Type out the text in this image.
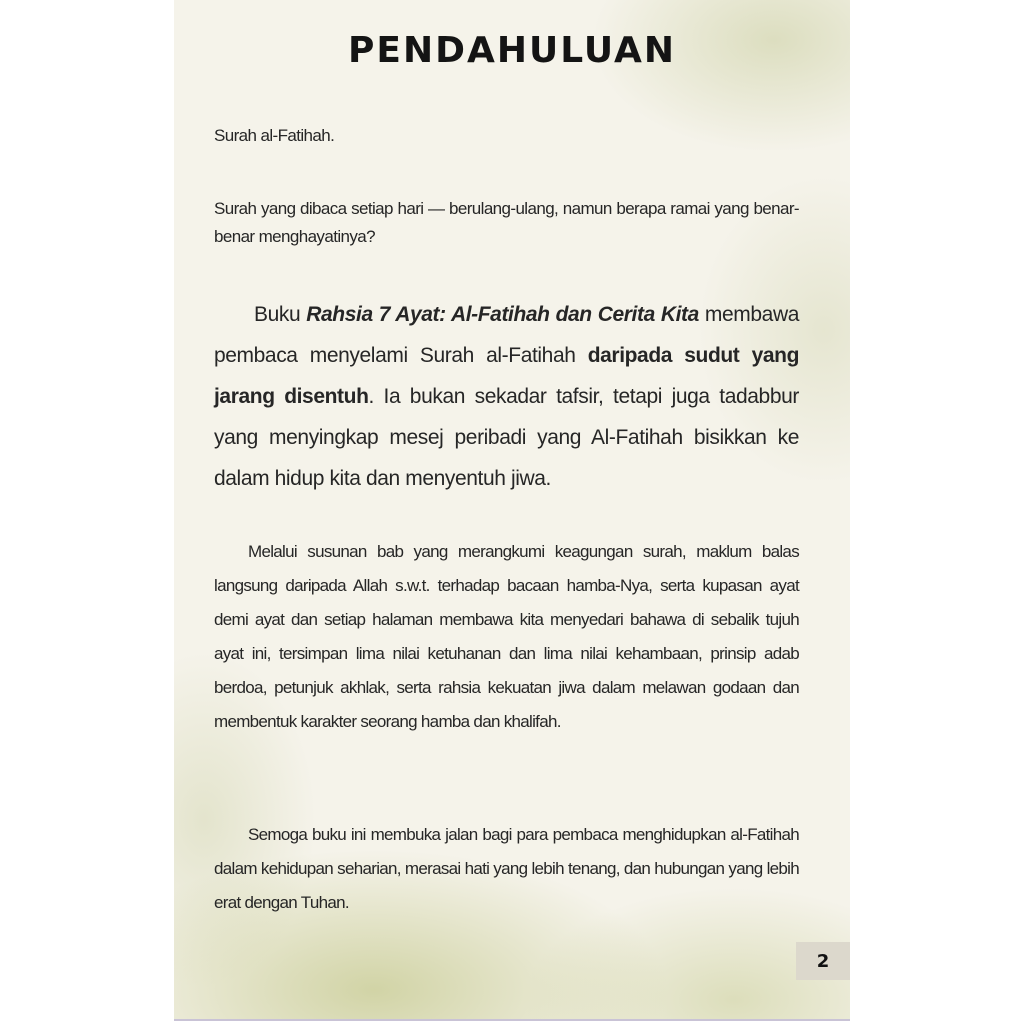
PENDAHULUAN

Surah al-Fatihah.

Surah yang dibaca setiap hari — berulang-ulang, namun berapa ramai yang benar-benar menghayatinya?

Buku Rahsia 7 Ayat: Al-Fatihah dan Cerita Kita membawa pembaca menyelami Surah al-Fatihah daripada sudut yang jarang disentuh. Ia bukan sekadar tafsir, tetapi juga tadabbur yang menyingkap mesej peribadi yang Al-Fatihah bisikkan ke dalam hidup kita dan menyentuh jiwa.

Melalui susunan bab yang merangkumi keagungan surah, maklum balas langsung daripada Allah s.w.t. terhadap bacaan hamba-Nya, serta kupasan ayat demi ayat dan setiap halaman membawa kita menyedari bahawa di sebalik tujuh ayat ini, tersimpan lima nilai ketuhanan dan lima nilai kehambaan, prinsip adab berdoa, petunjuk akhlak, serta rahsia kekuatan jiwa dalam melawan godaan dan membentuk karakter seorang hamba dan khalifah.

Semoga buku ini membuka jalan bagi para pembaca menghidupkan al-Fatihah dalam kehidupan seharian, merasai hati yang lebih tenang, dan hubungan yang lebih erat dengan Tuhan.

2
